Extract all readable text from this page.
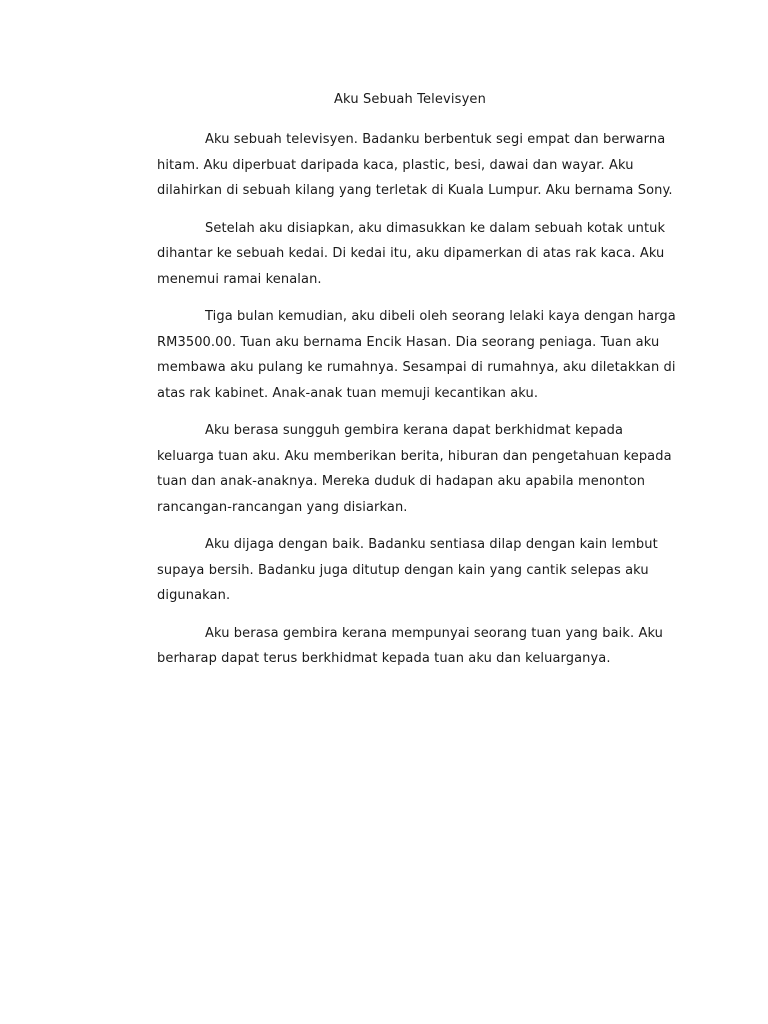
Aku Sebuah Televisyen

Aku sebuah televisyen. Badanku berbentuk segi empat dan berwarna
hitam. Aku diperbuat daripada kaca, plastic, besi, dawai dan wayar. Aku
dilahirkan di sebuah kilang yang terletak di Kuala Lumpur. Aku bernama Sony.

Setelah aku disiapkan, aku dimasukkan ke dalam sebuah kotak untuk
dihantar ke sebuah kedai. Di kedai itu, aku dipamerkan di atas rak kaca. Aku
menemui ramai kenalan.

Tiga bulan kemudian, aku dibeli oleh seorang lelaki kaya dengan harga
RM3500.00. Tuan aku bernama Encik Hasan. Dia seorang peniaga. Tuan aku
membawa aku pulang ke rumahnya. Sesampai di rumahnya, aku diletakkan di
atas rak kabinet. Anak-anak tuan memuji kecantikan aku.

Aku berasa sungguh gembira kerana dapat berkhidmat kepada
keluarga tuan aku. Aku memberikan berita, hiburan dan pengetahuan kepada
tuan dan anak-anaknya. Mereka duduk di hadapan aku apabila menonton
rancangan-rancangan yang disiarkan.

Aku dijaga dengan baik. Badanku sentiasa dilap dengan kain lembut
supaya bersih. Badanku juga ditutup dengan kain yang cantik selepas aku
digunakan.

Aku berasa gembira kerana mempunyai seorang tuan yang baik. Aku
berharap dapat terus berkhidmat kepada tuan aku dan keluarganya.
